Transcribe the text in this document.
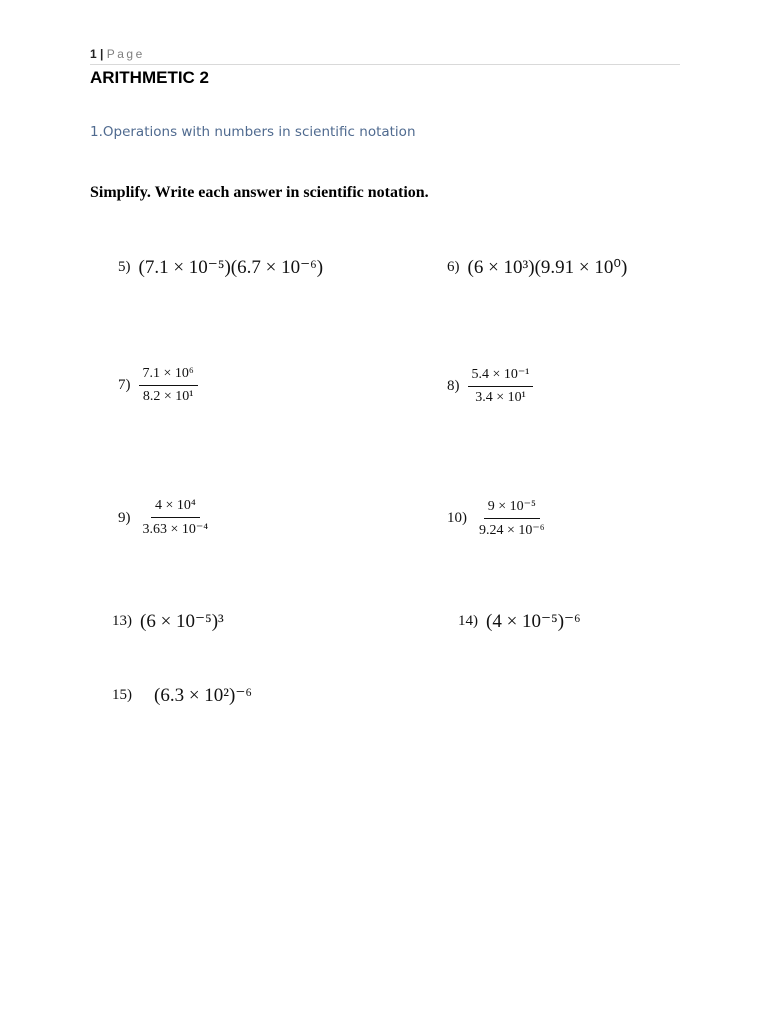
1 | Page
ARITHMETIC 2
1.Operations with numbers in scientific notation
Simplify. Write each answer in scientific notation.
5) (7.1 × 10⁻⁵)(6.7 × 10⁻⁶)	6) (6 × 10³)(9.91 × 10⁰)
$7) \frac{\text{7.1 × 10⁶}}{\text{8.2 × 10¹}}$	$8) \frac{\text{5.4 × 10⁻¹}}{\text{3.4 × 10¹}}$
$9) \frac{\text{4 × 10⁴}}{\text{3.63 × 10⁻⁴}}$	$10) \frac{\text{9 × 10⁻⁵}}{\text{9.24 × 10⁻⁶}}$
13) (6 × 10⁻⁵)³	14) (4 × 10⁻⁵)⁻⁶
15) (6.3 × 10²)⁻⁶
